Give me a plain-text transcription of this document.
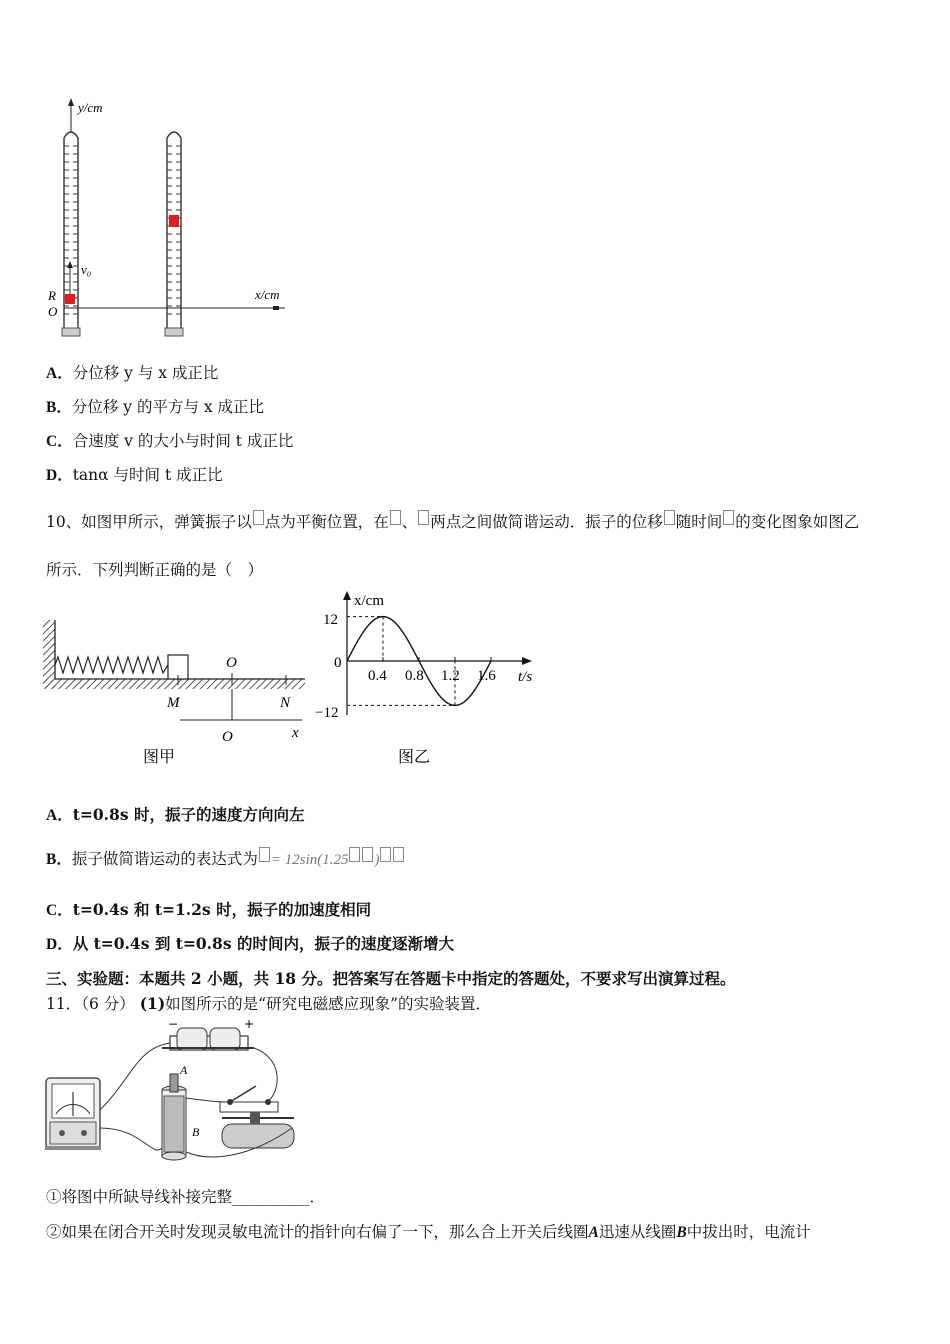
y/cm
v₀
R
O
x/cm
A．分位移 y 与 x 成正比
B．分位移 y 的平方与 x 成正比
C．合速度 v 的大小与时间 t 成正比
D．tanα 与时间 t 成正比
10、如图甲所示，弹簧振子以 点为平衡位置，在 、 两点之间做简谐运动．振子的位移 随时间 的变化图象如图乙
所示．下列判断正确的是（　）
O
M	N
O	x
图甲
x/cm
t/s
0
12
−12
0.4 0.8 1.2 1.6
图乙
A．t=0.8s 时，振子的速度方向向左
B．振子做简谐运动的表达式为 = 12sin(1.25 )
C．t=0.4s 和 t=1.2s 时，振子的加速度相同
D．从 t=0.4s 到 t=0.8s 的时间内，振子的速度逐渐增大
三、实验题：本题共 2 小题，共 18 分。把答案写在答题卡中指定的答题处，不要求写出演算过程。
11．（6 分） (1)如图所示的是“研究电磁感应现象”的实验装置．
−	+
A
B
①将图中所缺导线补接完整__________．
②如果在闭合开关时发现灵敏电流计的指针向右偏了一下，那么合上开关后线圈A迅速从线圈B中拔出时，电流计
